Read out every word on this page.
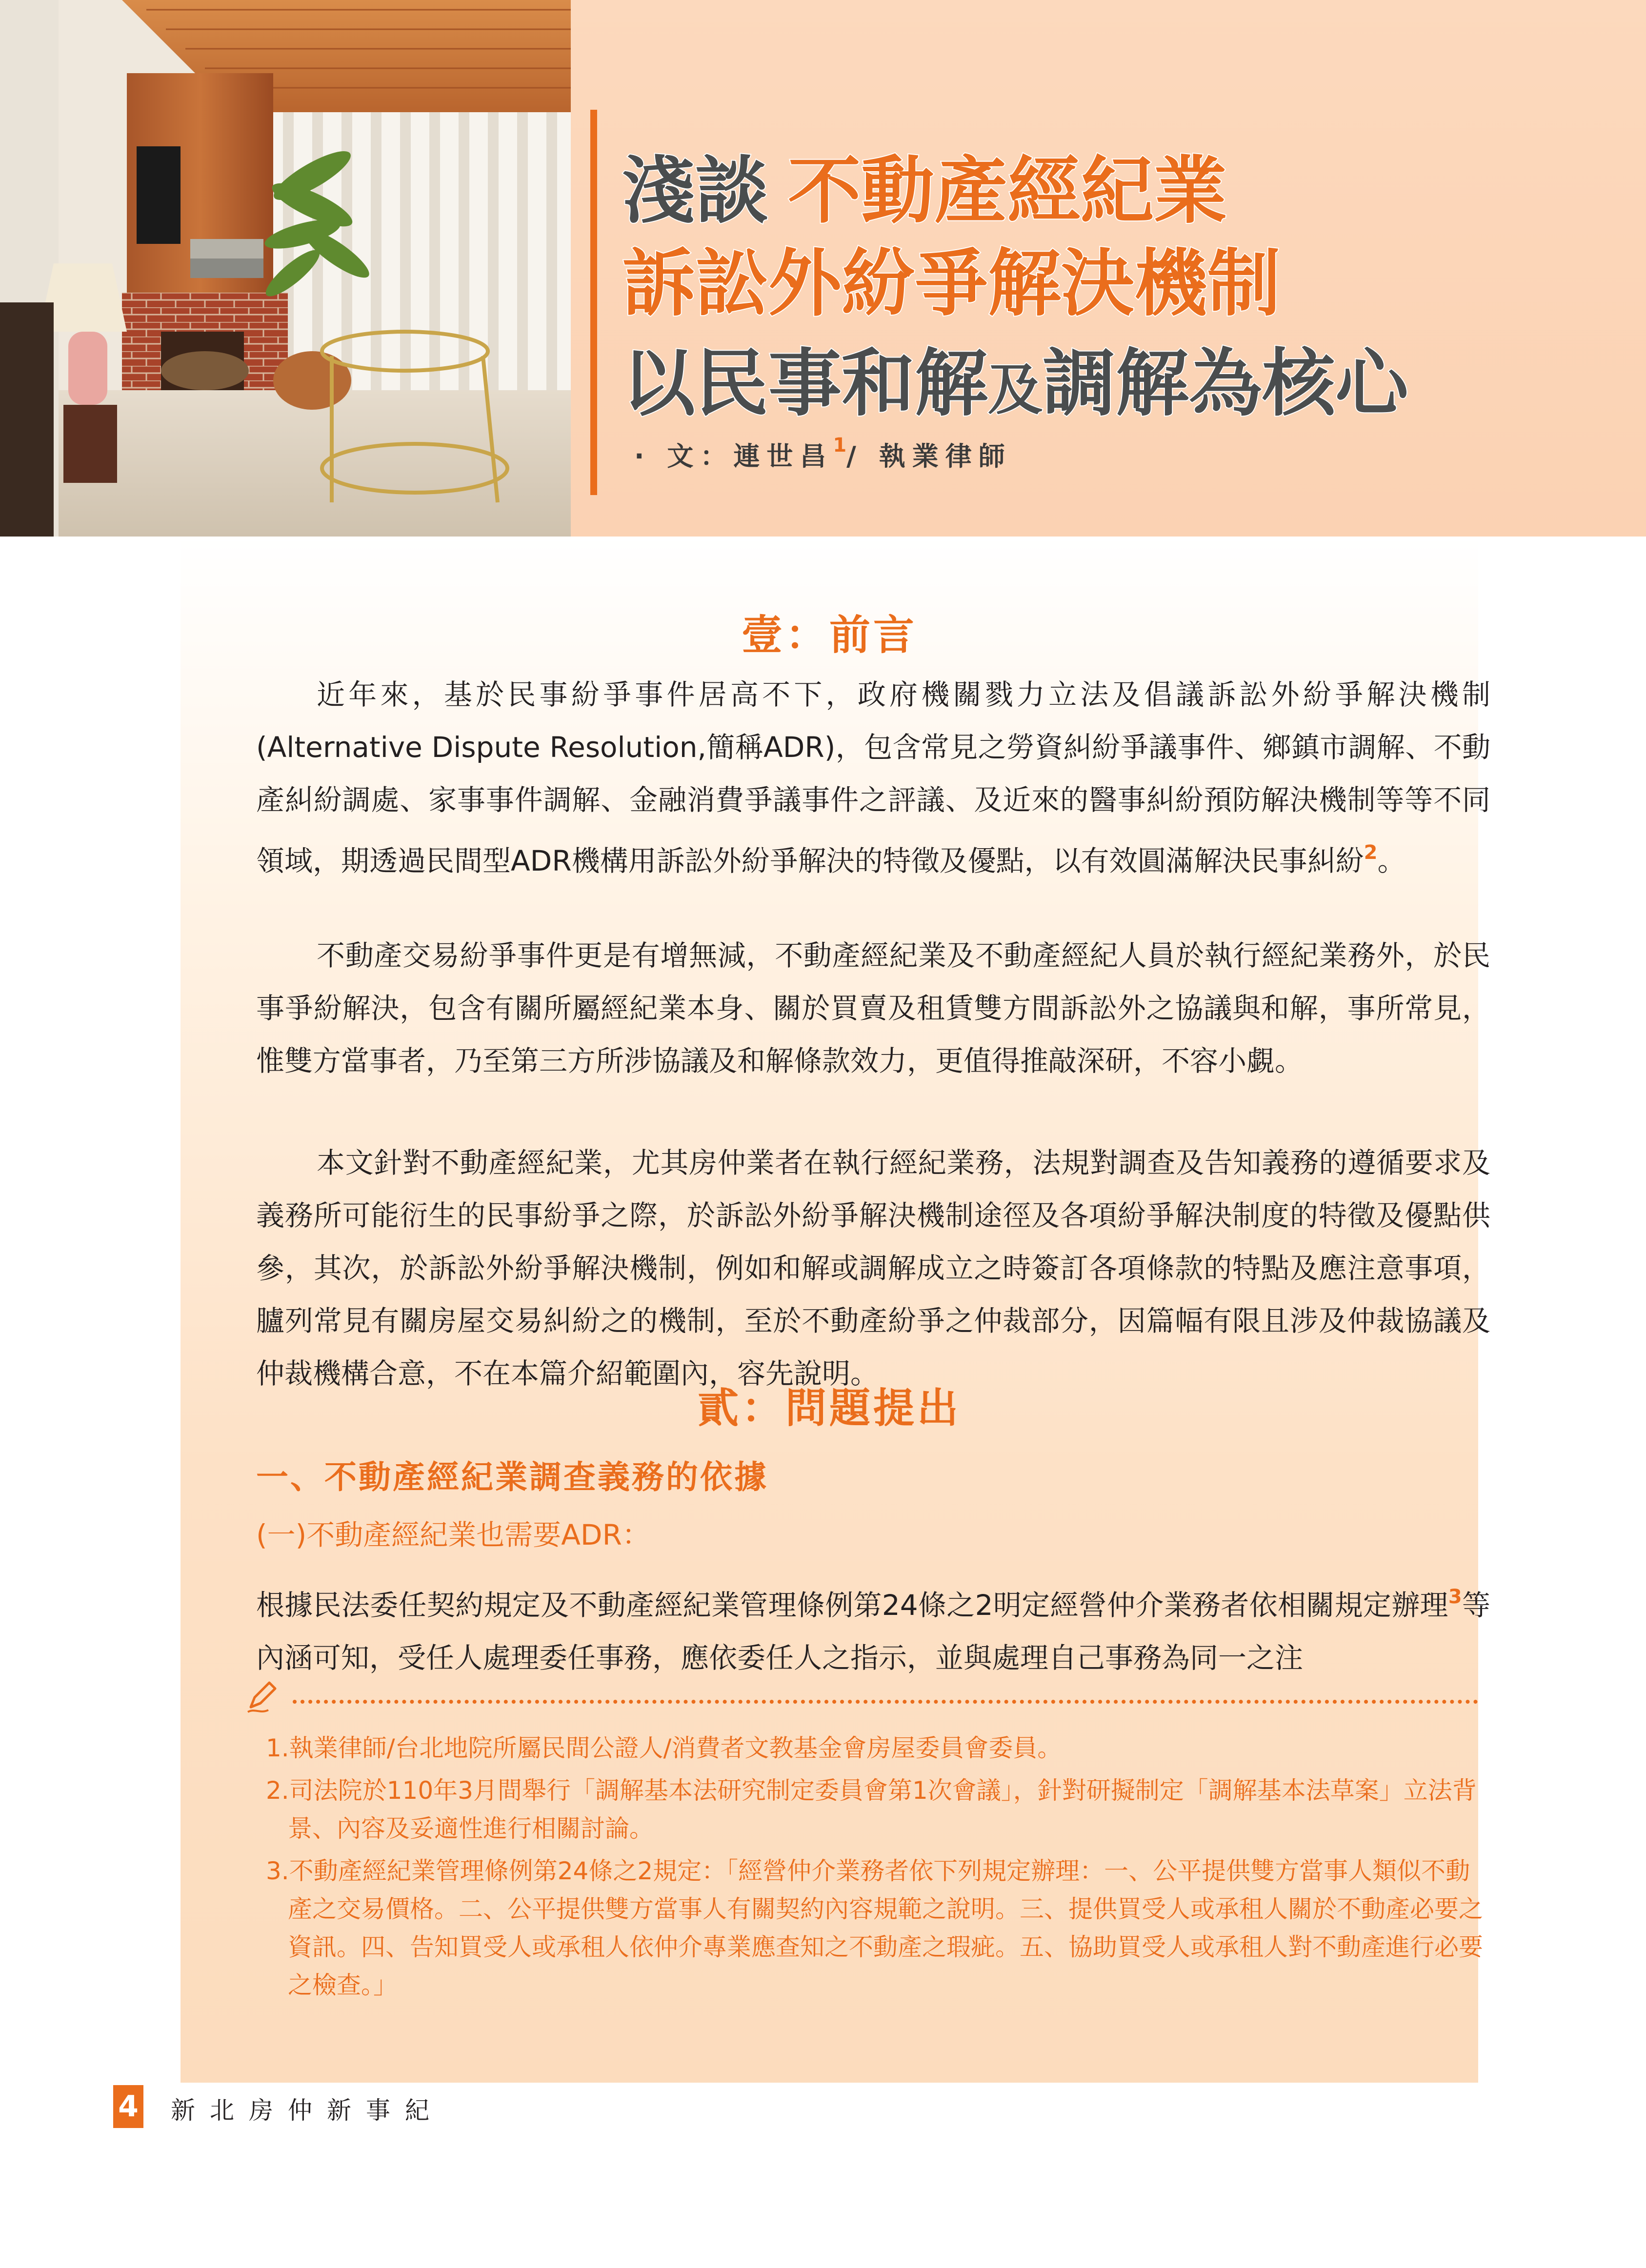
淺談 不動產經紀業
訴訟外紛爭解決機制
以民事和解及調解為核心
· 文：連世昌$^1$/ 執業律師
壹：前言
近年來，基於民事紛爭事件居高不下，政府機關戮力立法及倡議訴訟外紛爭解決機制(Alternative Dispute Resolution,簡稱ADR)，包含常見之勞資糾紛爭議事件、鄉鎮市調解、不動產糾紛調處、家事事件調解、金融消費爭議事件之評議、及近來的醫事糾紛預防解決機制等等不同領域，期透過民間型ADR機構用訴訟外紛爭解決的特徵及優點，以有效圓滿解決民事糾紛$^2$。
不動產交易紛爭事件更是有增無減，不動產經紀業及不動產經紀人員於執行經紀業務外，於民事爭紛解決，包含有關所屬經紀業本身、關於買賣及租賃雙方間訴訟外之協議與和解，事所常見，惟雙方當事者，乃至第三方所涉協議及和解條款效力，更值得推敲深研，不容小覷。
本文針對不動產經紀業，尤其房仲業者在執行經紀業務，法規對調查及告知義務的遵循要求及義務所可能衍生的民事紛爭之際，於訴訟外紛爭解決機制途徑及各項紛爭解決制度的特徵及優點供參，其次，於訴訟外紛爭解決機制，例如和解或調解成立之時簽訂各項條款的特點及應注意事項，臚列常見有關房屋交易糾紛之的機制，至於不動產紛爭之仲裁部分，因篇幅有限且涉及仲裁協議及仲裁機構合意，不在本篇介紹範圍內，容先說明。
貳：問題提出
一、不動產經紀業調查義務的依據
(一)不動產經紀業也需要ADR：
根據民法委任契約規定及不動產經紀業管理條例第24條之2明定經營仲介業務者依相關規定辦理$^3$等內涵可知，受任人處理委任事務，應依委任人之指示，並與處理自己事務為同一之注
1.執業律師/台北地院所屬民間公證人/消費者文教基金會房屋委員會委員。
2.司法院於110年3月間舉行「調解基本法研究制定委員會第1次會議」，針對研擬制定「調解基本法草案」立法背景、內容及妥適性進行相關討論。
3.不動產經紀業管理條例第24條之2規定：「經營仲介業務者依下列規定辦理：一、公平提供雙方當事人類似不動產之交易價格。二、公平提供雙方當事人有關契約內容規範之說明。三、提供買受人或承租人關於不動產必要之資訊。四、告知買受人或承租人依仲介專業應查知之不動產之瑕疵。五、協助買受人或承租人對不動產進行必要之檢查。」
4 新北房仲新事紀
